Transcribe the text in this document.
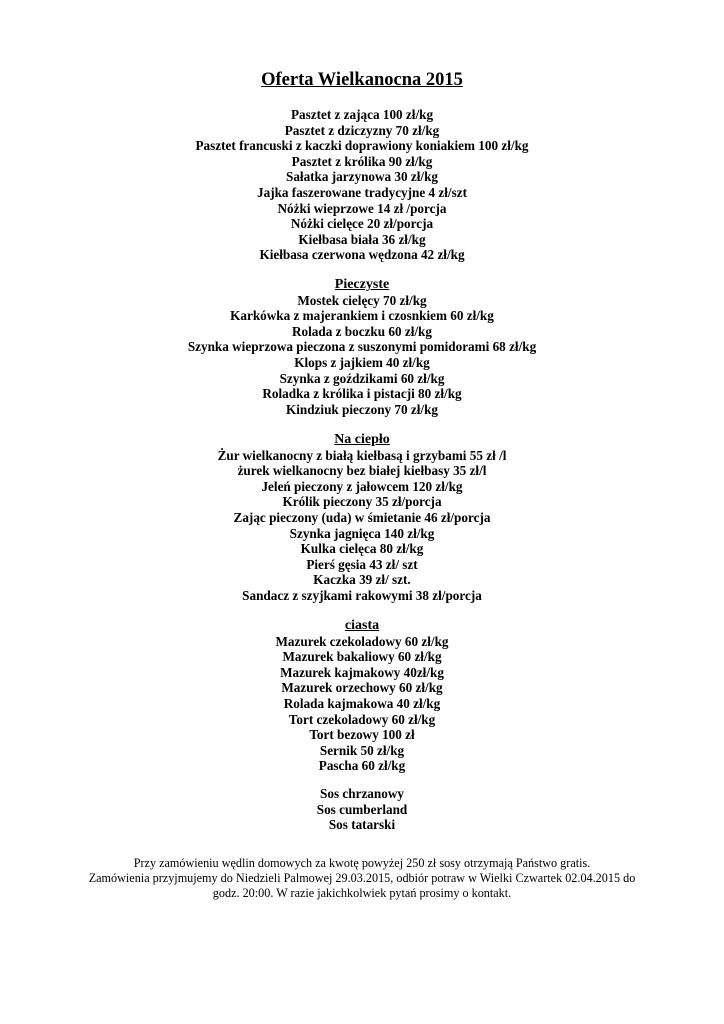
Oferta Wielkanocna 2015
Pasztet z zająca 100 zł/kg
Pasztet z dziczyzny 70 zł/kg
Pasztet francuski z kaczki doprawiony koniakiem 100 zł/kg
Pasztet z królika 90 zł/kg
Sałatka jarzynowa 30 zł/kg
Jajka faszerowane tradycyjne 4 zł/szt
Nóżki wieprzowe 14 zł /porcja
Nóżki cielęce 20 zł/porcja
Kiełbasa biała 36 zł/kg
Kiełbasa czerwona wędzona 42 zł/kg
Pieczyste
Mostek cielęcy 70 zł/kg
Karkówka z majerankiem i czosnkiem 60 zł/kg
Rolada z boczku 60 zł/kg
Szynka wieprzowa pieczona z suszonymi pomidorami 68 zł/kg
Klops z jajkiem 40 zł/kg
Szynka z goździkami 60 zł/kg
Roladka z królika i pistacji 80 zł/kg
Kindziuk pieczony 70 zł/kg
Na ciepło
Żur wielkanocny z białą kiełbasą i grzybami 55 zł /l
żurek wielkanocny bez białej kiełbasy 35 zł/l
Jeleń pieczony z jałowcem 120 zł/kg
Królik pieczony 35 zł/porcja
Zając pieczony (uda) w śmietanie 46 zł/porcja
Szynka jagnięca 140 zł/kg
Kulka cielęca 80 zł/kg
Pierś gęsia 43 zł/ szt
Kaczka 39 zł/ szt.
Sandacz z szyjkami rakowymi 38 zł/porcja
ciasta
Mazurek czekoladowy 60 zł/kg
Mazurek bakaliowy 60 zł/kg
Mazurek kajmakowy 40zł/kg
Mazurek orzechowy 60 zł/kg
Rolada kajmakowa 40 zł/kg
Tort czekoladowy 60 zł/kg
Tort bezowy 100 zł
Sernik 50 zł/kg
Pascha 60 zł/kg
Sos chrzanowy
Sos cumberland
Sos tatarski

Przy zamówieniu wędlin domowych za kwotę powyżej 250 zł sosy otrzymają Państwo gratis.
Zamówienia przyjmujemy do Niedzieli Palmowej 29.03.2015, odbiór potraw w Wielki Czwartek 02.04.2015 do godz. 20:00. W razie jakichkolwiek pytań prosimy o kontakt.
